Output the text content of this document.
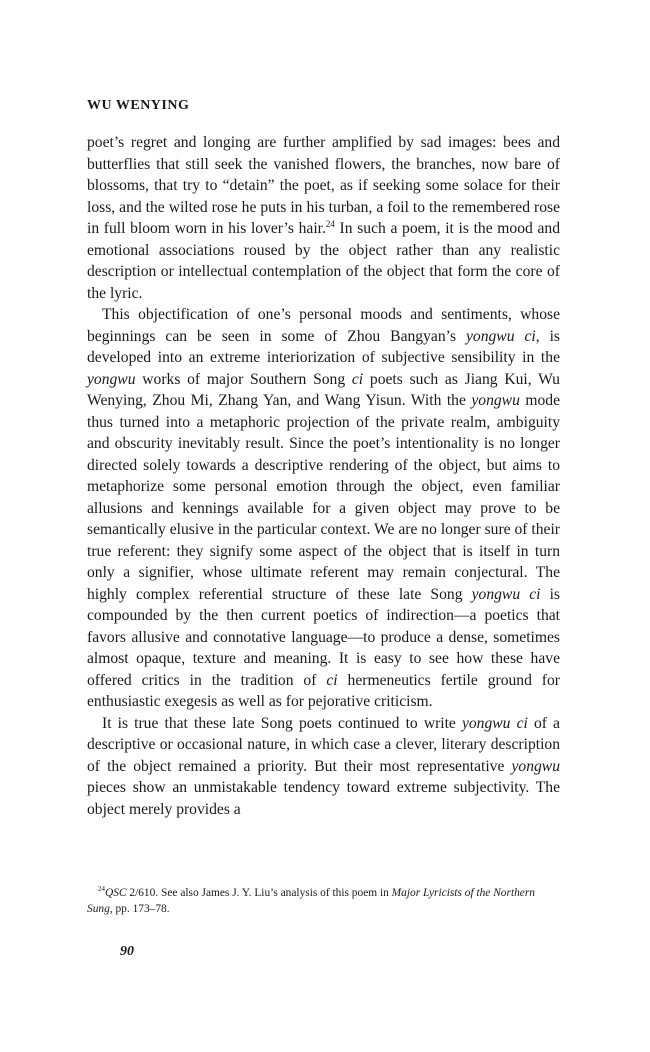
WU WENYING

poet’s regret and longing are further amplified by sad images: bees and butterflies that still seek the vanished flowers, the branches, now bare of blossoms, that try to “detain” the poet, as if seeking some solace for their loss, and the wilted rose he puts in his turban, a foil to the remembered rose in full bloom worn in his lover’s hair.$^{24}$ In such a poem, it is the mood and emotional associations roused by the object rather than any realistic description or intellectual contemplation of the object that form the core of the lyric.

This objectification of one’s personal moods and sentiments, whose beginnings can be seen in some of Zhou Bangyan’s yongwu ci, is developed into an extreme interiorization of subjective sensibility in the yongwu works of major Southern Song ci poets such as Jiang Kui, Wu Wenying, Zhou Mi, Zhang Yan, and Wang Yisun. With the yongwu mode thus turned into a metaphoric projection of the private realm, ambiguity and obscurity inevitably result. Since the poet’s intentionality is no longer directed solely towards a descriptive rendering of the object, but aims to metaphorize some personal emotion through the object, even familiar allusions and kennings available for a given object may prove to be semantically elusive in the particular context. We are no longer sure of their true referent: they signify some aspect of the object that is itself in turn only a signifier, whose ultimate referent may remain conjectural. The highly complex referential structure of these late Song yongwu ci is compounded by the then current poetics of indirection—a poetics that favors allusive and connotative language—to produce a dense, sometimes almost opaque, texture and meaning. It is easy to see how these have offered critics in the tradition of ci hermeneutics fertile ground for enthusiastic exegesis as well as for pejorative criticism.

It is true that these late Song poets continued to write yongwu ci of a descriptive or occasional nature, in which case a clever, literary description of the object remained a priority. But their most representative yongwu pieces show an unmistakable tendency toward extreme subjectivity. The object merely provides a

$^{24}$QSC 2/610. See also James J. Y. Liu’s analysis of this poem in Major Lyricists of the Northern Sung, pp. 173–78.
90
